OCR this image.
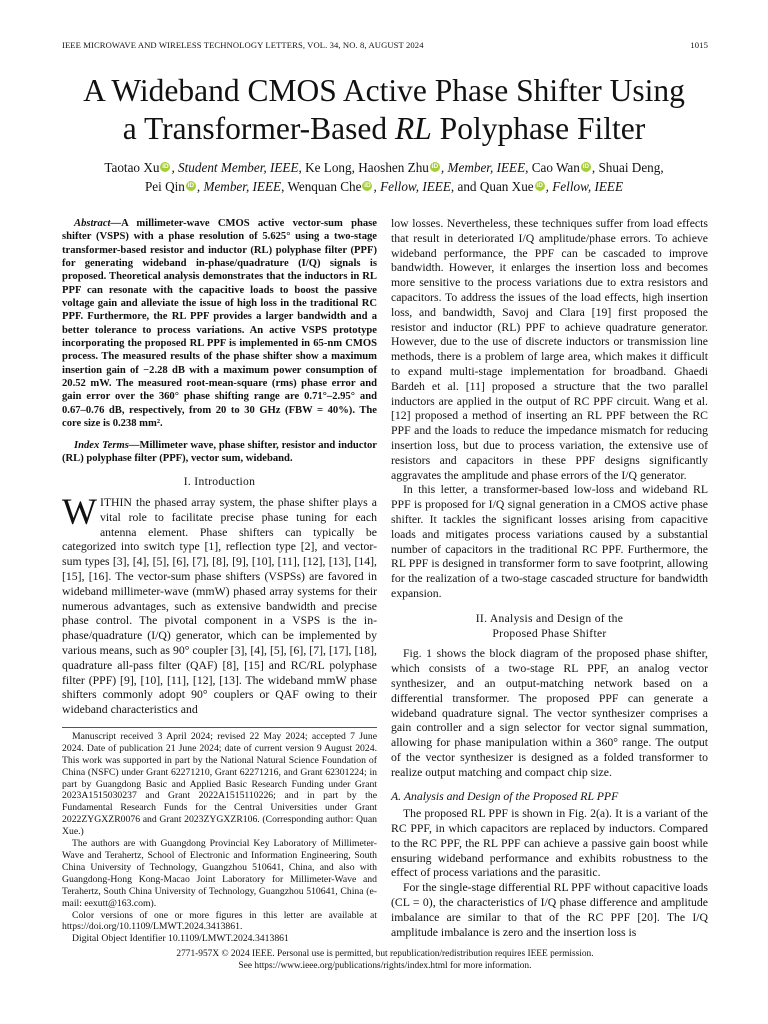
IEEE MICROWAVE AND WIRELESS TECHNOLOGY LETTERS, VOL. 34, NO. 8, AUGUST 2024	1015
A Wideband CMOS Active Phase Shifter Using
a Transformer-Based RL Polyphase Filter
Taotao Xu iD , Student Member, IEEE, Ke Long, Haoshen Zhu iD , Member, IEEE, Cao Wan iD , Shuai Deng,
Pei Qin iD , Member, IEEE, Wenquan Che iD , Fellow, IEEE, and Quan Xue iD , Fellow, IEEE

Abstract—A millimeter-wave CMOS active vector-sum phase shifter (VSPS) with a phase resolution of 5.625° using a two-stage transformer-based resistor and inductor (RL) polyphase filter (PPF) for generating wideband in-phase/quadrature (I/Q) signals is proposed. Theoretical analysis demonstrates that the inductors in RL PPF can resonate with the capacitive loads to boost the passive voltage gain and alleviate the issue of high loss in the traditional RC PPF. Furthermore, the RL PPF provides a larger bandwidth and a better tolerance to process variations. An active VSPS prototype incorporating the proposed RL PPF is implemented in 65-nm CMOS process. The measured results of the phase shifter show a maximum insertion gain of −2.28 dB with a maximum power consumption of 20.52 mW. The measured root-mean-square (rms) phase error and gain error over the 360° phase shifting range are 0.71°–2.95° and 0.67–0.76 dB, respectively, from 20 to 30 GHz (FBW = 40%). The core size is 0.238 mm².

Index Terms—Millimeter wave, phase shifter, resistor and inductor (RL) polyphase filter (PPF), vector sum, wideband.

I. Introduction

WITHIN the phased array system, the phase shifter plays a vital role to facilitate precise phase tuning for each antenna element. Phase shifters can typically be categorized into switch type [1], reflection type [2], and vector-sum types [3], [4], [5], [6], [7], [8], [9], [10], [11], [12], [13], [14], [15], [16]. The vector-sum phase shifters (VSPSs) are favored in wideband millimeter-wave (mmW) phased array systems for their numerous advantages, such as extensive bandwidth and precise phase control. The pivotal component in a VSPS is the in-phase/quadrature (I/Q) generator, which can be implemented by various means, such as 90° coupler [3], [4], [5], [6], [7], [17], [18], quadrature all-pass filter (QAF) [8], [15] and RC/RL polyphase filter (PPF) [9], [10], [11], [12], [13]. The wideband mmW phase shifters commonly adopt 90° couplers or QAF owing to their wideband characteristics and

Manuscript received 3 April 2024; revised 22 May 2024; accepted 7 June 2024. Date of publication 21 June 2024; date of current version 9 August 2024. This work was supported in part by the National Natural Science Foundation of China (NSFC) under Grant 62271210, Grant 62271216, and Grant 62301224; in part by Guangdong Basic and Applied Basic Research Funding under Grant 2023A1515030237 and Grant 2022A1515110226; and in part by the Fundamental Research Funds for the Central Universities under Grant 2022ZYGXZR0076 and Grant 2023ZYGXZR106. (Corresponding author: Quan Xue.)

The authors are with Guangdong Provincial Key Laboratory of Millimeter-Wave and Terahertz, School of Electronic and Information Engineering, South China University of Technology, Guangzhou 510641, China, and also with Guangdong-Hong Kong-Macao Joint Laboratory for Millimeter-Wave and Terahertz, South China University of Technology, Guangzhou 510641, China (e-mail: eexutt@163.com).

Color versions of one or more figures in this letter are available at https://doi.org/10.1109/LMWT.2024.3413861.

Digital Object Identifier 10.1109/LMWT.2024.3413861

low losses. Nevertheless, these techniques suffer from load effects that result in deteriorated I/Q amplitude/phase errors. To achieve wideband performance, the PPF can be cascaded to improve bandwidth. However, it enlarges the insertion loss and becomes more sensitive to the process variations due to extra resistors and capacitors. To address the issues of the load effects, high insertion loss, and bandwidth, Savoj and Clara [19] first proposed the resistor and inductor (RL) PPF to achieve quadrature generator. However, due to the use of discrete inductors or transmission line methods, there is a problem of large area, which makes it difficult to expand multi-stage implementation for broadband. Ghaedi Bardeh et al. [11] proposed a structure that the two parallel inductors are applied in the output of RC PPF circuit. Wang et al. [12] proposed a method of inserting an RL PPF between the RC PPF and the loads to reduce the impedance mismatch for reducing insertion loss, but due to process variation, the extensive use of resistors and capacitors in these PPF designs significantly aggravates the amplitude and phase errors of the I/Q generator.

In this letter, a transformer-based low-loss and wideband RL PPF is proposed for I/Q signal generation in a CMOS active phase shifter. It tackles the significant losses arising from capacitive loads and mitigates process variations caused by a substantial number of capacitors in the traditional RC PPF. Furthermore, the RL PPF is designed in transformer form to save footprint, allowing for the realization of a two-stage cascaded structure for bandwidth expansion.

II. Analysis and Design of the
Proposed Phase Shifter

Fig. 1 shows the block diagram of the proposed phase shifter, which consists of a two-stage RL PPF, an analog vector synthesizer, and an output-matching network based on a differential transformer. The proposed PPF can generate a wideband quadrature signal. The vector synthesizer comprises a gain controller and a sign selector for vector signal summation, allowing for phase manipulation within a 360° range. The output of the vector synthesizer is designed as a folded transformer to realize output matching and compact chip size.

A. Analysis and Design of the Proposed RL PPF

The proposed RL PPF is shown in Fig. 2(a). It is a variant of the RC PPF, in which capacitors are replaced by inductors. Compared to the RC PPF, the RL PPF can achieve a passive gain boost while ensuring wideband performance and exhibits robustness to the effect of process variations and the parasitic.

For the single-stage differential RL PPF without capacitive loads (CL = 0), the characteristics of I/Q phase difference and amplitude imbalance are similar to that of the RC PPF [20]. The I/Q amplitude imbalance is zero and the insertion loss is

2771-957X © 2024 IEEE. Personal use is permitted, but republication/redistribution requires IEEE permission.
See https://www.ieee.org/publications/rights/index.html for more information.
